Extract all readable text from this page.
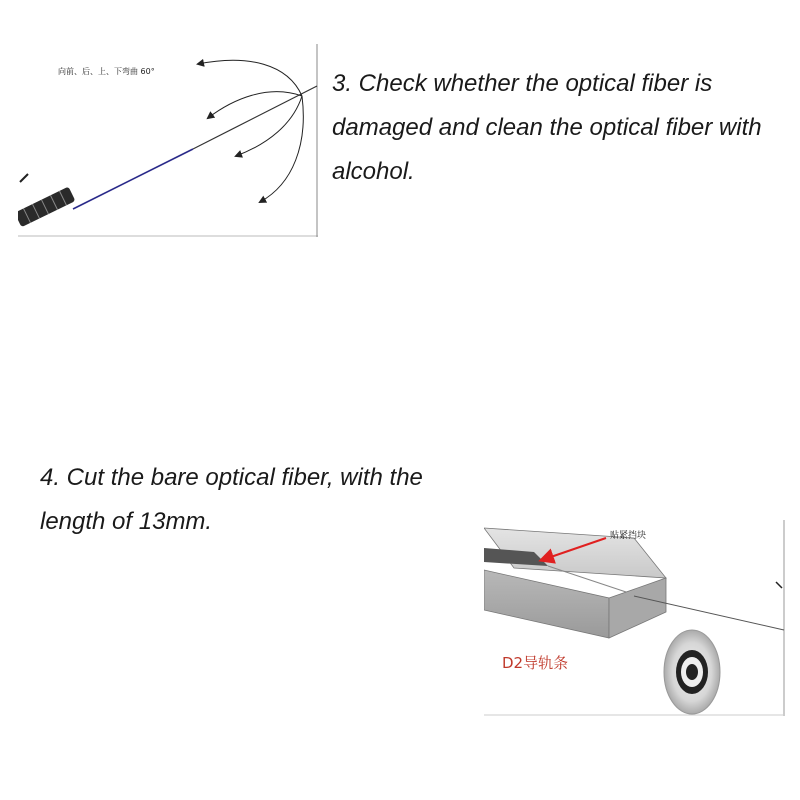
3. Check whether the optical fiber is
damaged and clean the optical fiber with
alcohol.
向前、后、上、下弯曲 60°
4. Cut the bare optical fiber, with the
length of 13mm.
贴紧挡块
D2导轨条
